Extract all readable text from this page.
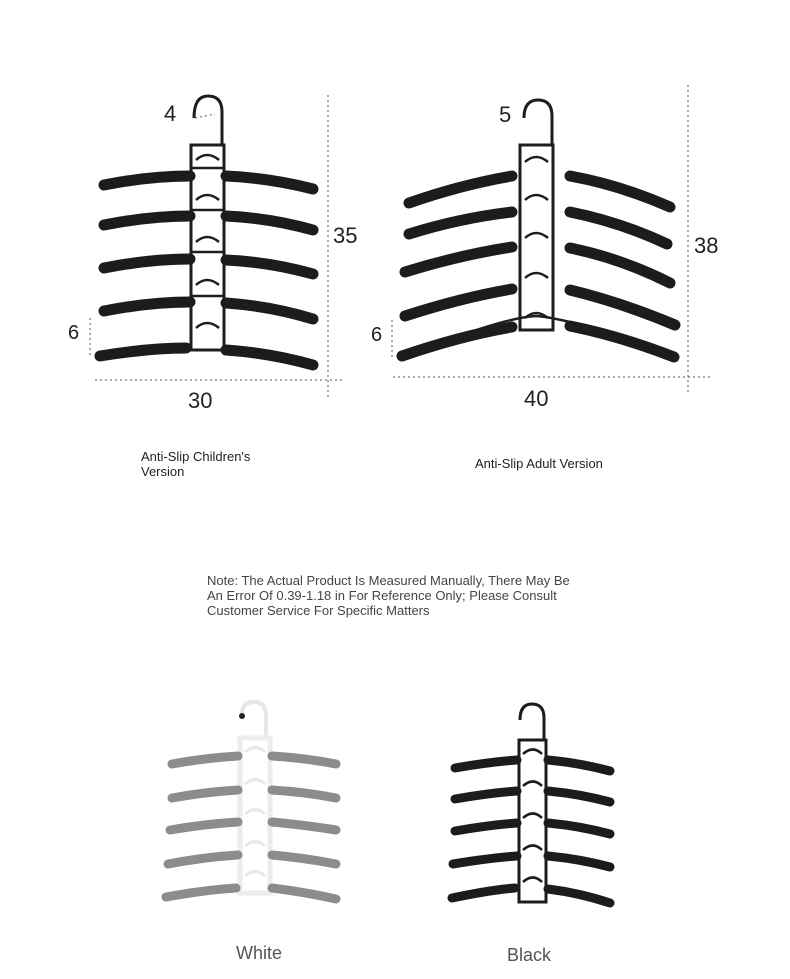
4
35
6
30
Anti-Slip Children's Version
5
38
6
40
Anti-Slip Adult Version
Note: The Actual Product Is Measured Manually, There May Be An Error Of 0.39-1.18 in For Reference Only; Please Consult Customer Service For Specific Matters
White	Black
